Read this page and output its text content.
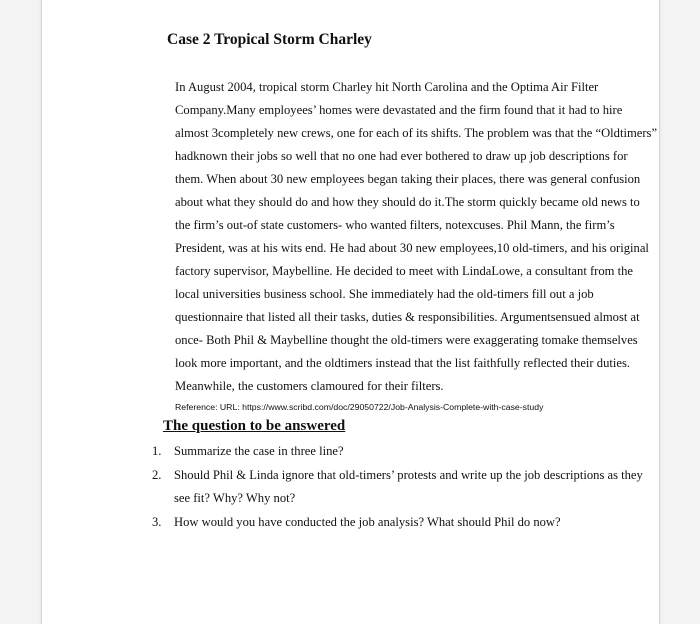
Case 2 Tropical Storm Charley
In August 2004, tropical storm Charley hit North Carolina and the Optima Air Filter
Company.Many employees’ homes were devastated and the firm found that it had to hire
almost 3completely new crews, one for each of its shifts. The problem was that the “Oldtimers”
hadknown their jobs so well that no one had ever bothered to draw up job descriptions for
them. When about 30 new employees began taking their places, there was general confusion
about what they should do and how they should do it.The storm quickly became old news to
the firm’s out-of state customers- who wanted filters, notexcuses. Phil Mann, the firm’s
President, was at his wits end. He had about 30 new employees,10 old-timers, and his original
factory supervisor, Maybelline. He decided to meet with LindaLowe, a consultant from the
local universities business school. She immediately had the old-timers fill out a job
questionnaire that listed all their tasks, duties & responsibilities. Argumentsensued almost at
once- Both Phil & Maybelline thought the old-timers were exaggerating tomake themselves
look more important, and the oldtimers instead that the list faithfully reflected their duties.
Meanwhile, the customers clamoured for their filters.
Reference: URL: https://www.scribd.com/doc/29050722/Job-Analysis-Complete-with-case-study
The question to be answered
1. Summarize the case in three line?
2. Should Phil & Linda ignore that old-timers’ protests and write up the job descriptions as they
see fit? Why? Why not?
3. How would you have conducted the job analysis? What should Phil do now?
